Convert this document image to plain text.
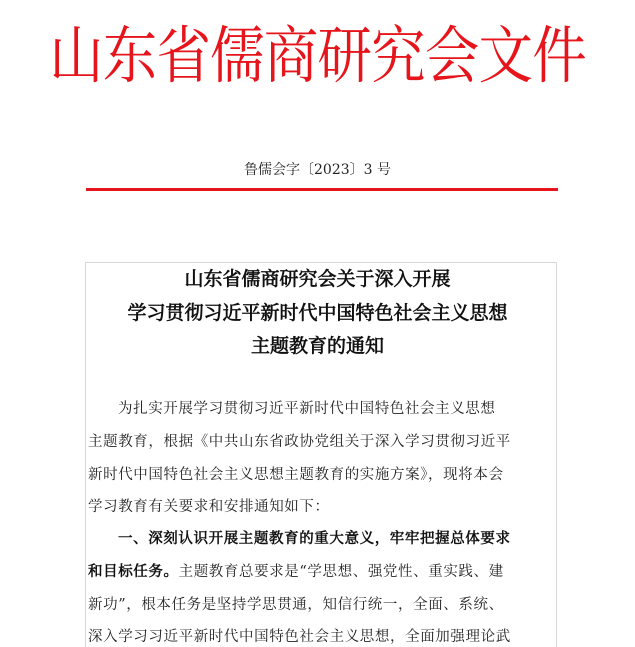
山东省儒商研究会文件
鲁儒会字〔2023〕3 号
山东省儒商研究会关于深入开展
学习贯彻习近平新时代中国特色社会主义思想
主题教育的通知
为扎实开展学习贯彻习近平新时代中国特色社会主义思想
主题教育，根据《中共山东省政协党组关于深入学习贯彻习近平
新时代中国特色社会主义思想主题教育的实施方案》，现将本会
学习教育有关要求和安排通知如下：
一、深刻认识开展主题教育的重大意义，牢牢把握总体要求
和目标任务。主题教育总要求是“学思想、强党性、重实践、建
新功”，根本任务是坚持学思贯通，知信行统一，全面、系统、
深入学习习近平新时代中国特色社会主义思想，全面加强理论武
